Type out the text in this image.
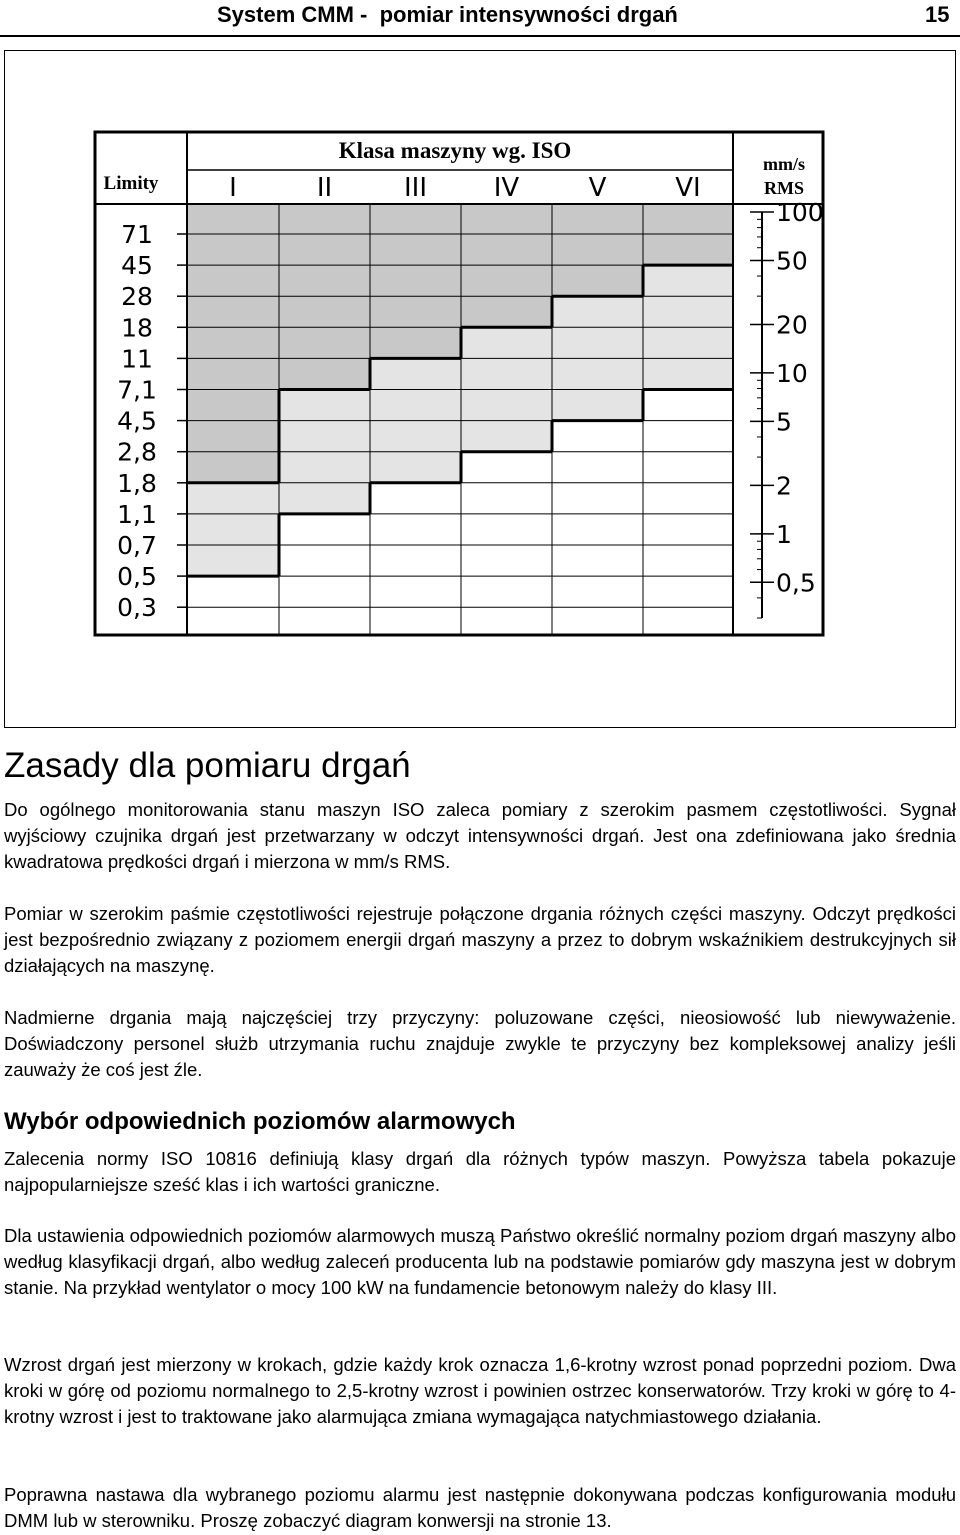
System CMM -  pomiar intensywności drgań	15
100
50
20
10
5
2
1
0,5
Limity
Klasa maszyny wg. ISO
mm/s
RMS
I	II	III	IV	V	VI
71
45
28
18
11
7,1
4,5
2,8
1,8
1,1
0,7
0,5
0,3
Zasady dla pomiaru drgań

Do ogólnego monitorowania stanu maszyn ISO zaleca pomiary z szerokim pasmem częstotliwości. Sygnał wyjściowy czujnika drgań jest przetwarzany w odczyt intensywności drgań. Jest ona zdefiniowana jako średnia kwadratowa prędkości drgań i mierzona w mm/s RMS.

Pomiar w szerokim paśmie częstotliwości rejestruje połączone drgania różnych części maszyny. Odczyt prędkości jest bezpośrednio związany z poziomem energii drgań maszyny a przez to dobrym wskaźnikiem destrukcyjnych sił działających na maszynę.

Nadmierne drgania mają najczęściej trzy przyczyny: poluzowane części, nieosiowość lub niewyważenie. Doświadczony personel służb utrzymania ruchu znajduje zwykle te przyczyny bez kompleksowej analizy jeśli zauważy że coś jest źle.

Wybór odpowiednich poziomów alarmowych

Zalecenia normy ISO 10816 definiują klasy drgań dla różnych typów maszyn. Powyższa tabela pokazuje najpopularniejsze sześć klas i ich wartości graniczne.

Dla ustawienia odpowiednich poziomów alarmowych muszą Państwo określić normalny poziom drgań maszyny albo według klasyfikacji drgań, albo według zaleceń producenta lub na podstawie pomiarów gdy maszyna jest w dobrym stanie. Na przykład wentylator o mocy 100 kW na fundamencie betonowym należy do klasy III.

Wzrost drgań jest mierzony w krokach, gdzie każdy krok oznacza 1,6-krotny wzrost ponad poprzedni poziom. Dwa kroki w górę od poziomu normalnego to 2,5-krotny wzrost i powinien ostrzec konserwatorów. Trzy kroki w górę to 4-krotny wzrost i jest to traktowane jako alarmująca zmiana wymagająca natychmiastowego działania.

Poprawna nastawa dla wybranego poziomu alarmu jest następnie dokonywana podczas konfigurowania modułu DMM lub w sterowniku. Proszę zobaczyć diagram konwersji na stronie 13.
